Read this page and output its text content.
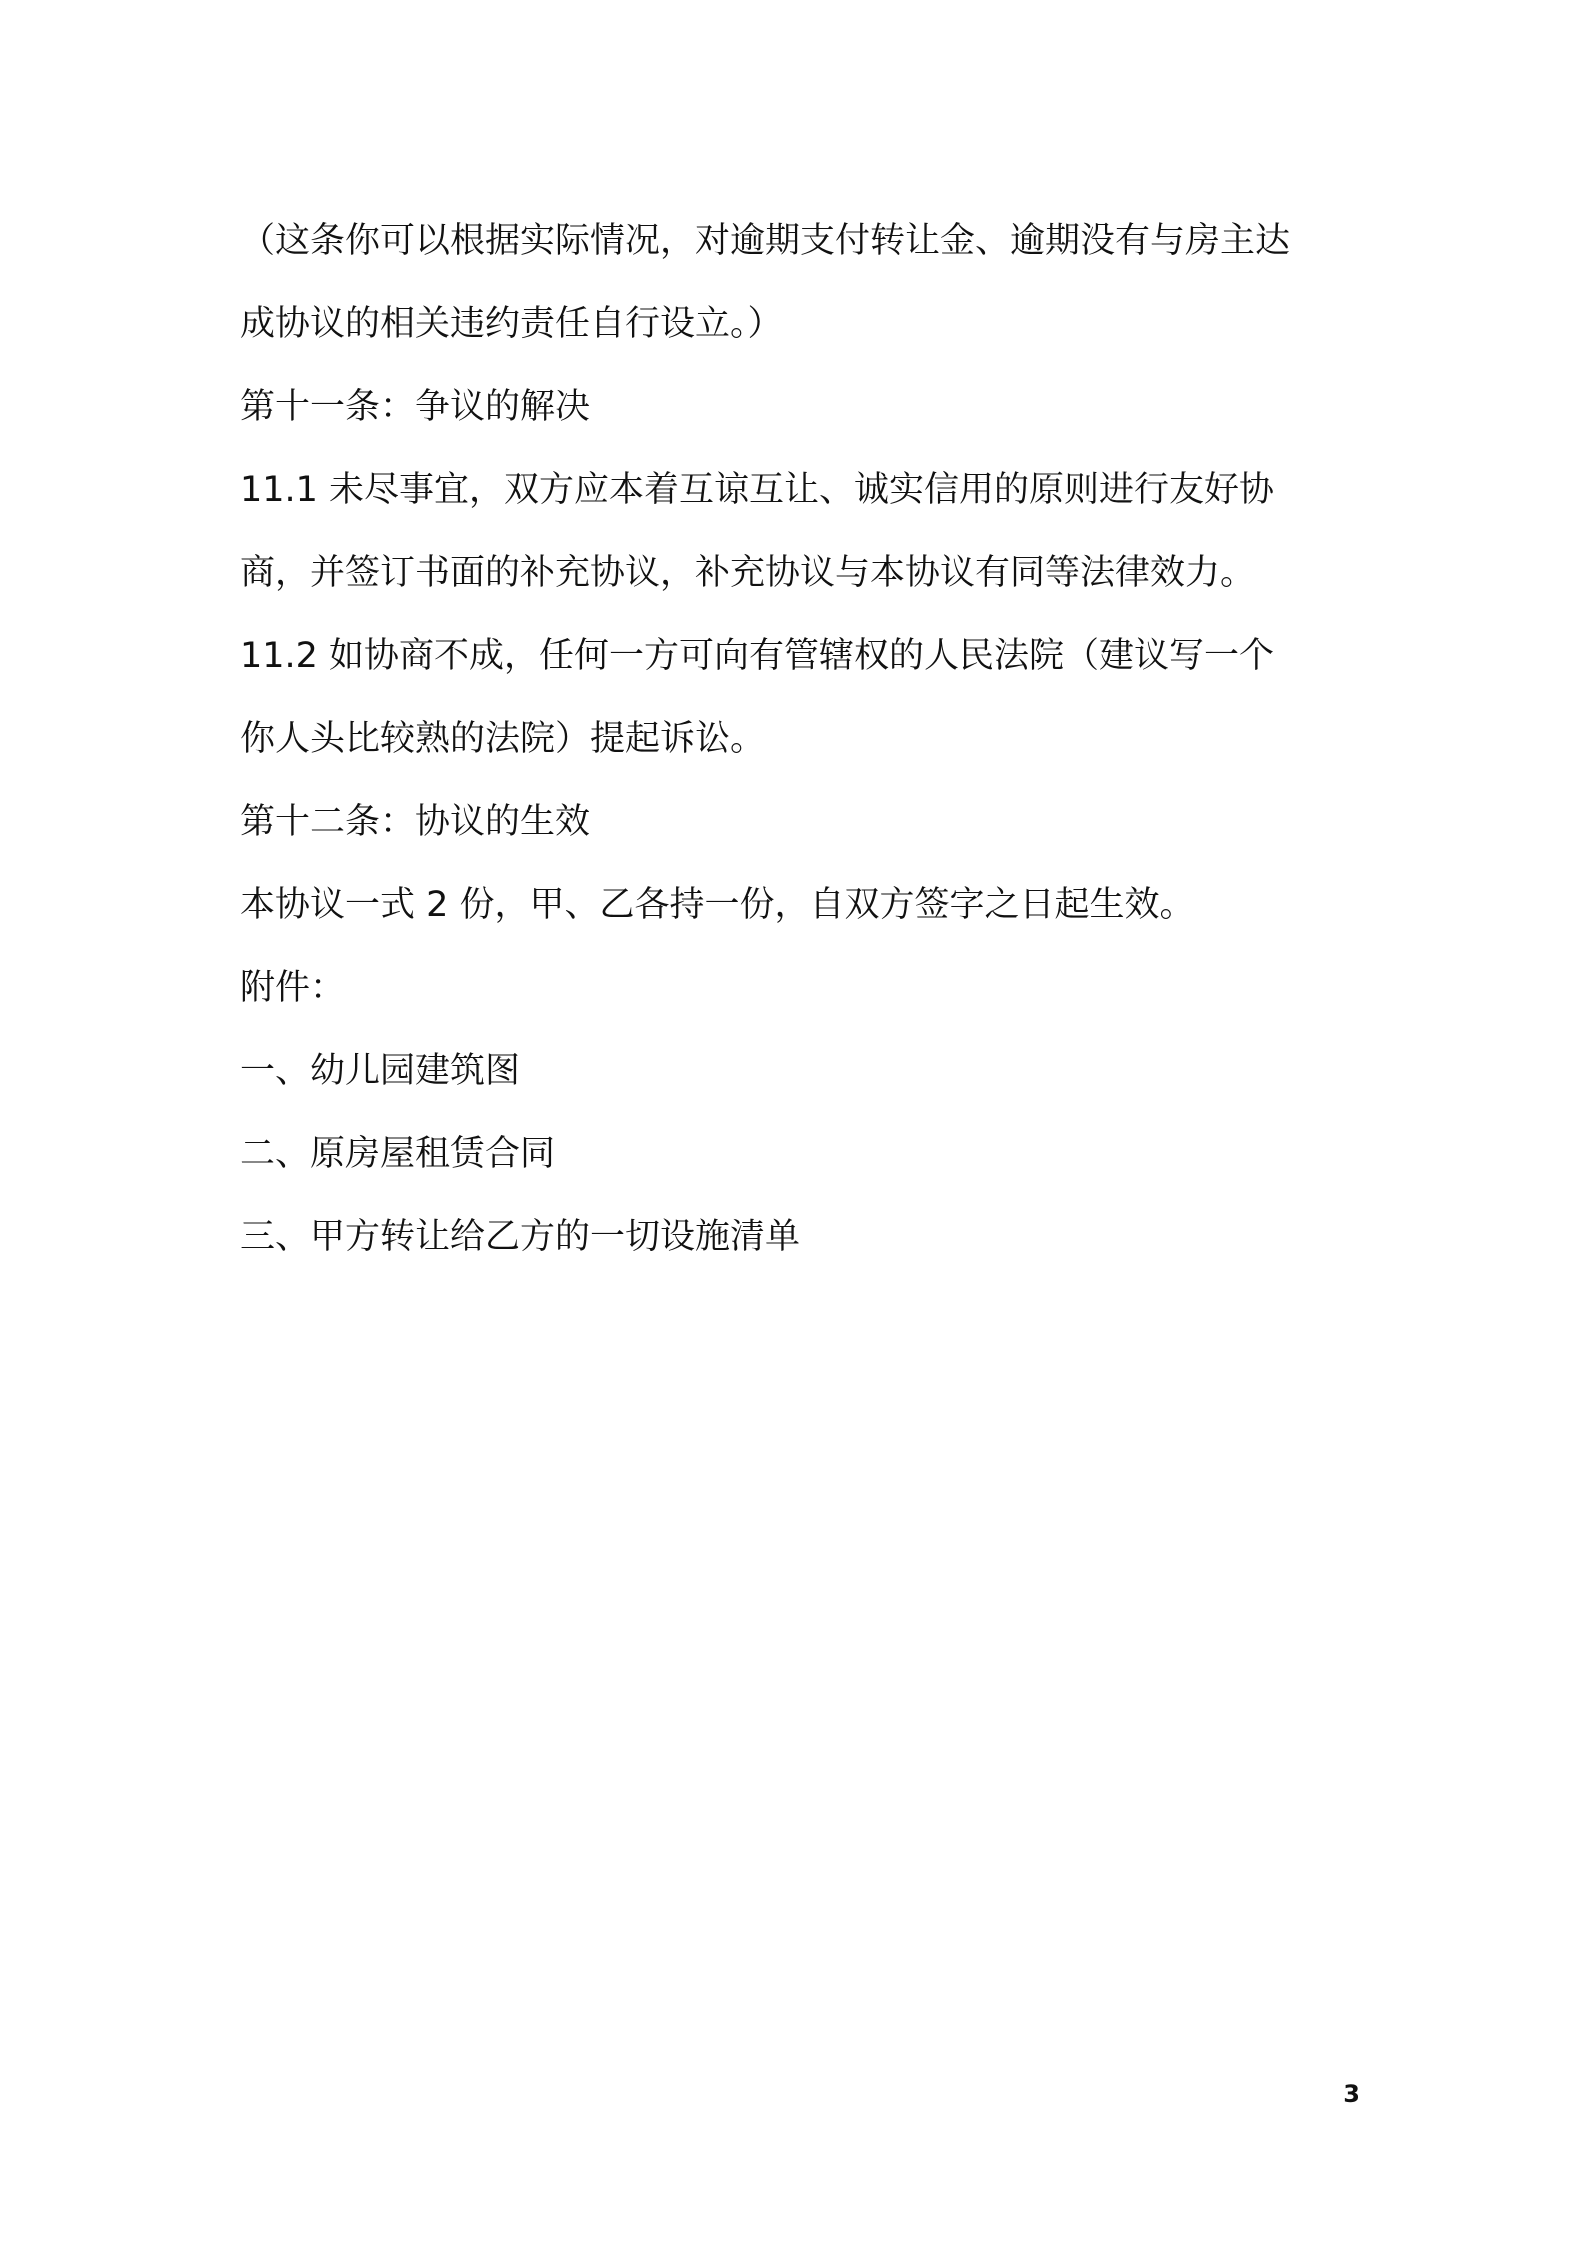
（这条你可以根据实际情况，对逾期支付转让金、逾期没有与房主达
成协议的相关违约责任自行设立。）
第十一条：争议的解决
11.1 未尽事宜，双方应本着互谅互让、诚实信用的原则进行友好协
商，并签订书面的补充协议，补充协议与本协议有同等法律效力。
11.2 如协商不成，任何一方可向有管辖权的人民法院（建议写一个
你人头比较熟的法院）提起诉讼。
第十二条：协议的生效
本协议一式 2 份，甲、乙各持一份，自双方签字之日起生效。
附件：
一、幼儿园建筑图
二、原房屋租赁合同
三、甲方转让给乙方的一切设施清单
3
